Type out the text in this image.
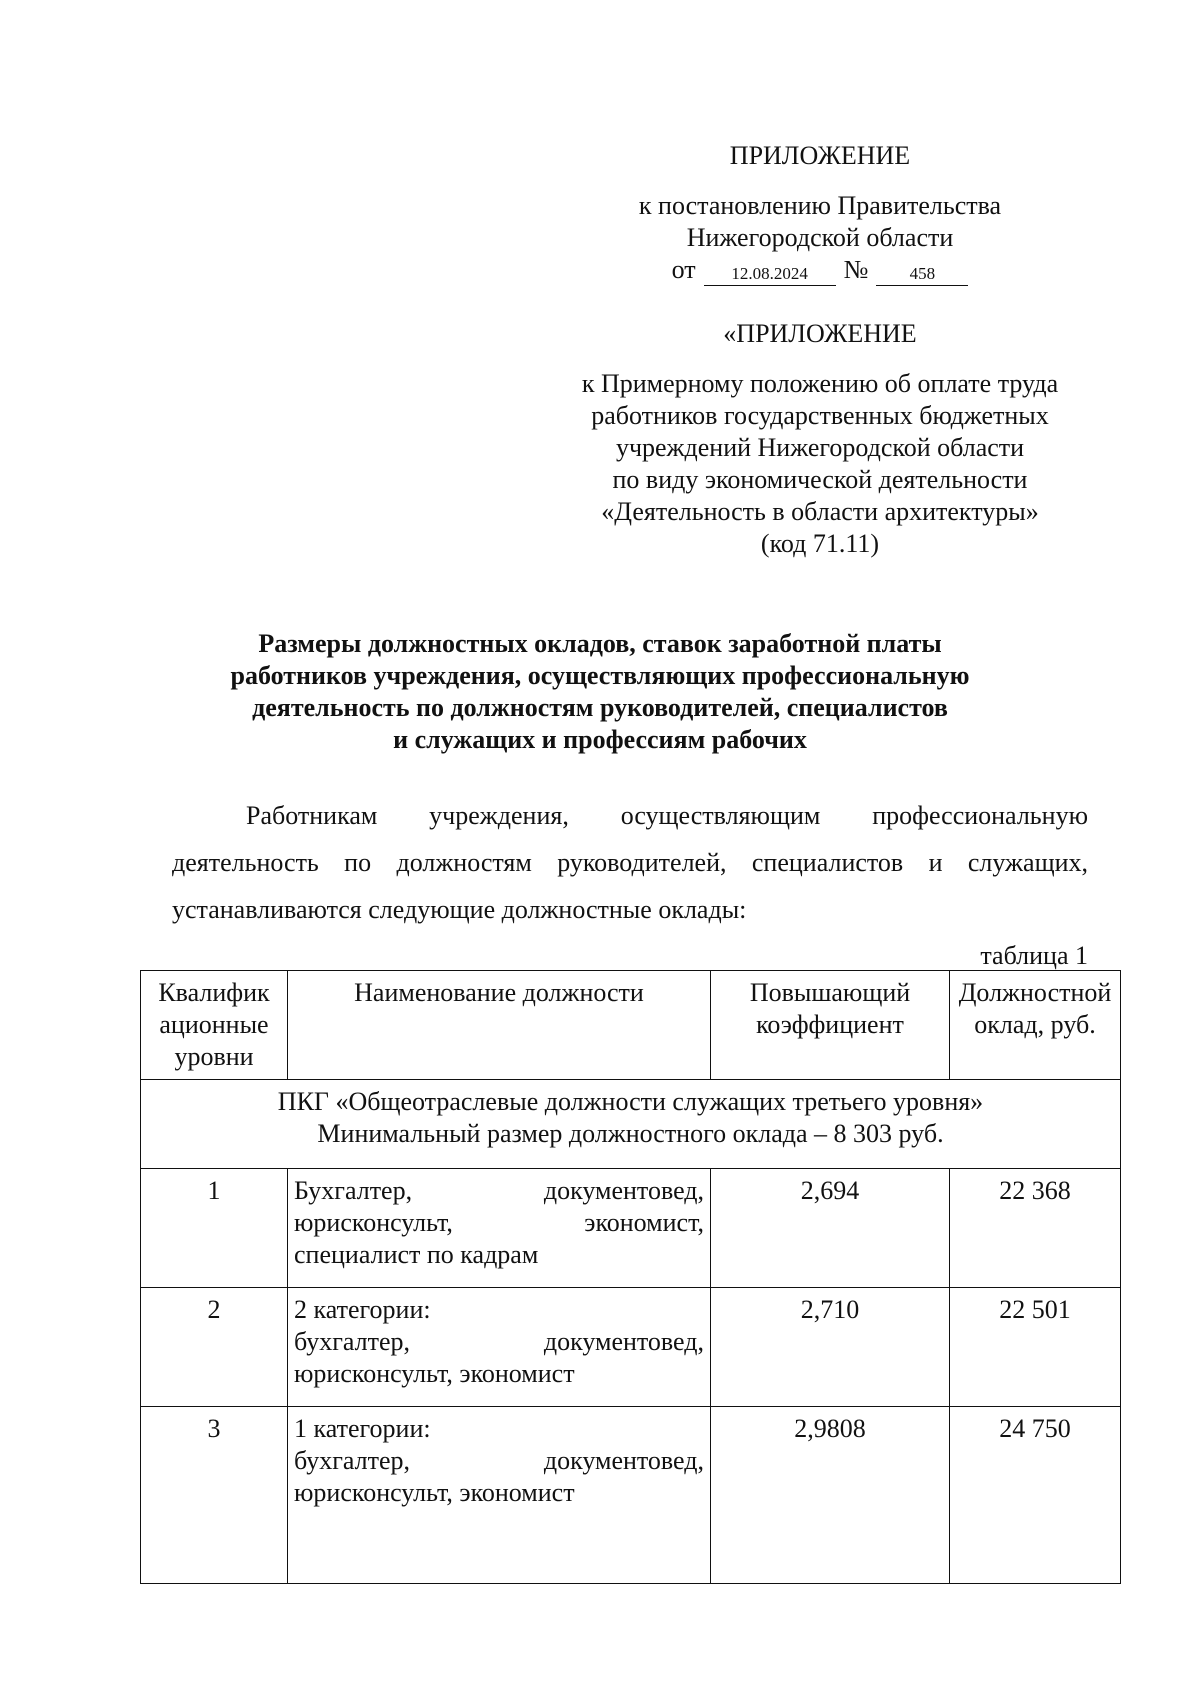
ПРИЛОЖЕНИЕ
к постановлению Правительства
Нижегородской области
от	12.08.2024	№	458
«ПРИЛОЖЕНИЕ
к Примерному положению об оплате труда
работников государственных бюджетных
учреждений Нижегородской области
по виду экономической деятельности
«Деятельность в области архитектуры»
(код 71.11)
Размеры должностных окладов, ставок заработной платы
работников учреждения, осуществляющих профессиональную
деятельность по должностям руководителей, специалистов
и служащих и профессиям рабочих
Работникам учреждения, осуществляющим профессиональную
деятельность по должностям руководителей, специалистов и служащих,
устанавливаются следующие должностные оклады:
таблица 1
Квалифик ационные уровни	Наименование должности	Повышающий коэффициент	Должностной оклад, руб.

ПКГ «Общеотраслевые должности служащих третьего уровня»
Минимальный размер должностного оклада – 8 303 руб.			

1	Бухгалтер, документовед,
юрисконсульт, экономист,
специалист по кадрам	2,694	22 368
2	2 категории:
бухгалтер, документовед,
юрисконсульт, экономист	2,710	22 501
3	1 категории:
бухгалтер, документовед,
юрисконсульт, экономист	2,9808	24 750
